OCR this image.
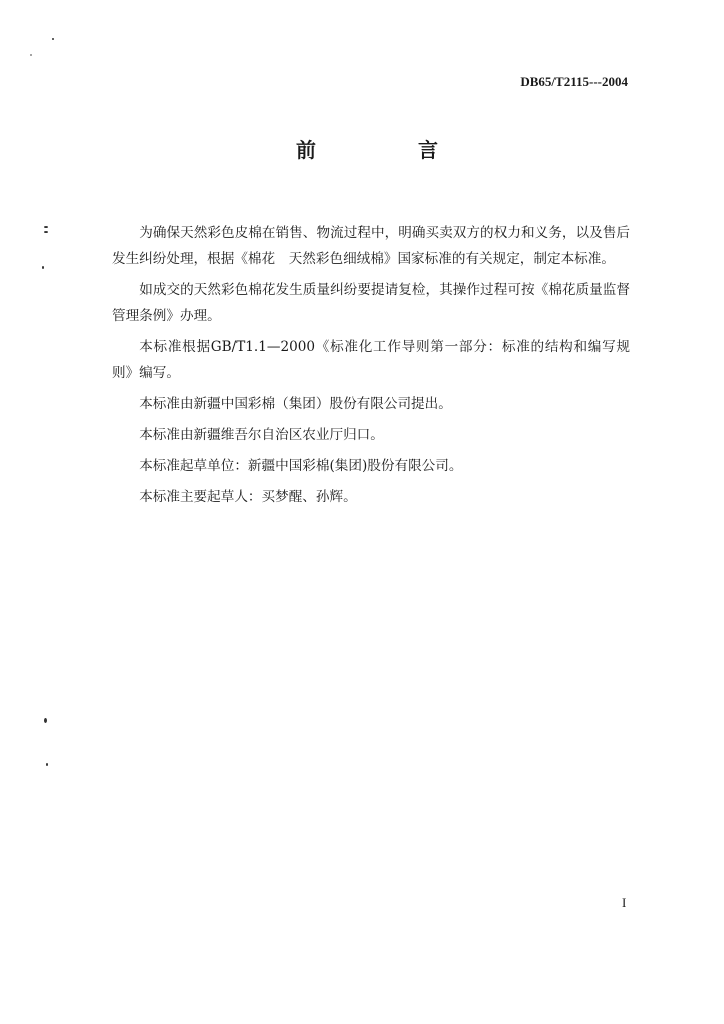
DB65/T2115---2004
前	言

为确保天然彩色皮棉在销售、物流过程中，明确买卖双方的权力和义务，以及售后发生纠纷处理，根据《棉花　天然彩色细绒棉》国家标准的有关规定，制定本标准。

如成交的天然彩色棉花发生质量纠纷要提请复检，其操作过程可按《棉花质量监督管理条例》办理。

本标准根据GB/T1.1—2000《标准化工作导则第一部分：标准的结构和编写规则》编写。

本标准由新疆中国彩棉（集团）股份有限公司提出。

本标准由新疆维吾尔自治区农业厅归口。

本标准起草单位：新疆中国彩棉(集团)股份有限公司。

本标准主要起草人：买梦醒、孙辉。

I
